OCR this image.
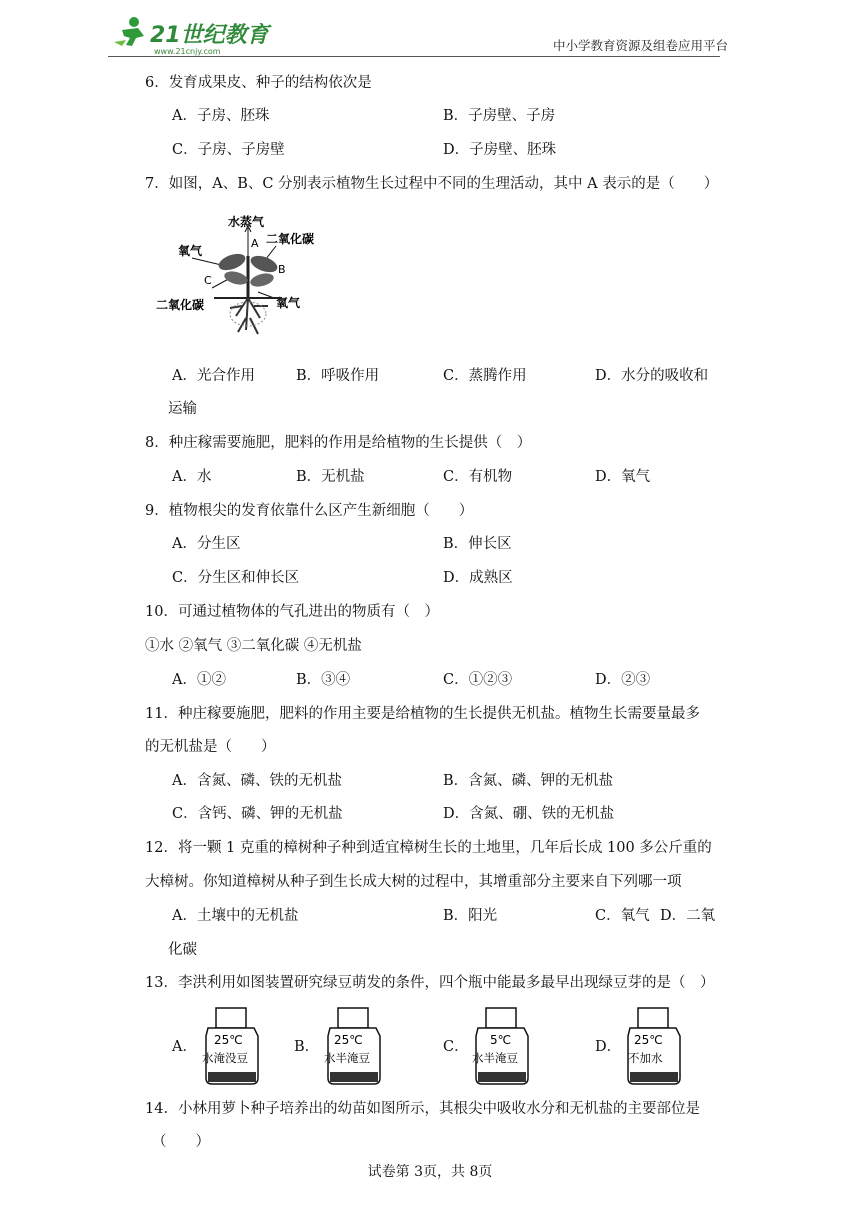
21世纪教育
www.21cnjy.com	中小学教育资源及组卷应用平台
6．发育成果皮、种子的结构依次是
A．子房、胚珠	B．子房壁、子房
C．子房、子房壁	D．子房壁、胚珠
7．如图，A、B、C 分别表示植物生长过程中不同的生理活动，其中 A 表示的是（　　）
水蒸气
二氧化碳
氧气
二氧化碳	氧气
A
B
C
A．光合作用	B．呼吸作用	C．蒸腾作用	D．水分的吸收和
运输
8．种庄稼需要施肥，肥料的作用是给植物的生长提供（　）
A．水	B．无机盐	C．有机物	D．氧气
9．植物根尖的发育依靠什么区产生新细胞（　　）
A．分生区	B．伸长区
C．分生区和伸长区	D．成熟区
10．可通过植物体的气孔进出的物质有（　）
①水 ②氧气 ③二氧化碳 ④无机盐
A．①②	B．③④	C．①②③	D．②③
11．种庄稼要施肥，肥料的作用主要是给植物的生长提供无机盐。植物生长需要量最多
的无机盐是（　　）
A．含氮、磷、铁的无机盐	B．含氮、磷、钾的无机盐
C．含钙、磷、钾的无机盐	D．含氮、硼、铁的无机盐
12．将一颗 1 克重的樟树种子种到适宜樟树生长的土地里，几年后长成 100 多公斤重的
大樟树。你知道樟树从种子到生长成大树的过程中，其增重部分主要来自下列哪一项
A．土壤中的无机盐	B．阳光	C．氧气 D．二氧
化碳
13．李洪利用如图装置研究绿豆萌发的条件，四个瓶中能最多最早出现绿豆芽的是（　）
A． 25℃
水淹没豆
B． 25℃
水半淹豆
C． 5℃
水半淹豆
D． 25℃
不加水
14．小林用萝卜种子培养出的幼苗如图所示，其根尖中吸收水分和无机盐的主要部位是
（　　）
试卷第 3页，共 8页
